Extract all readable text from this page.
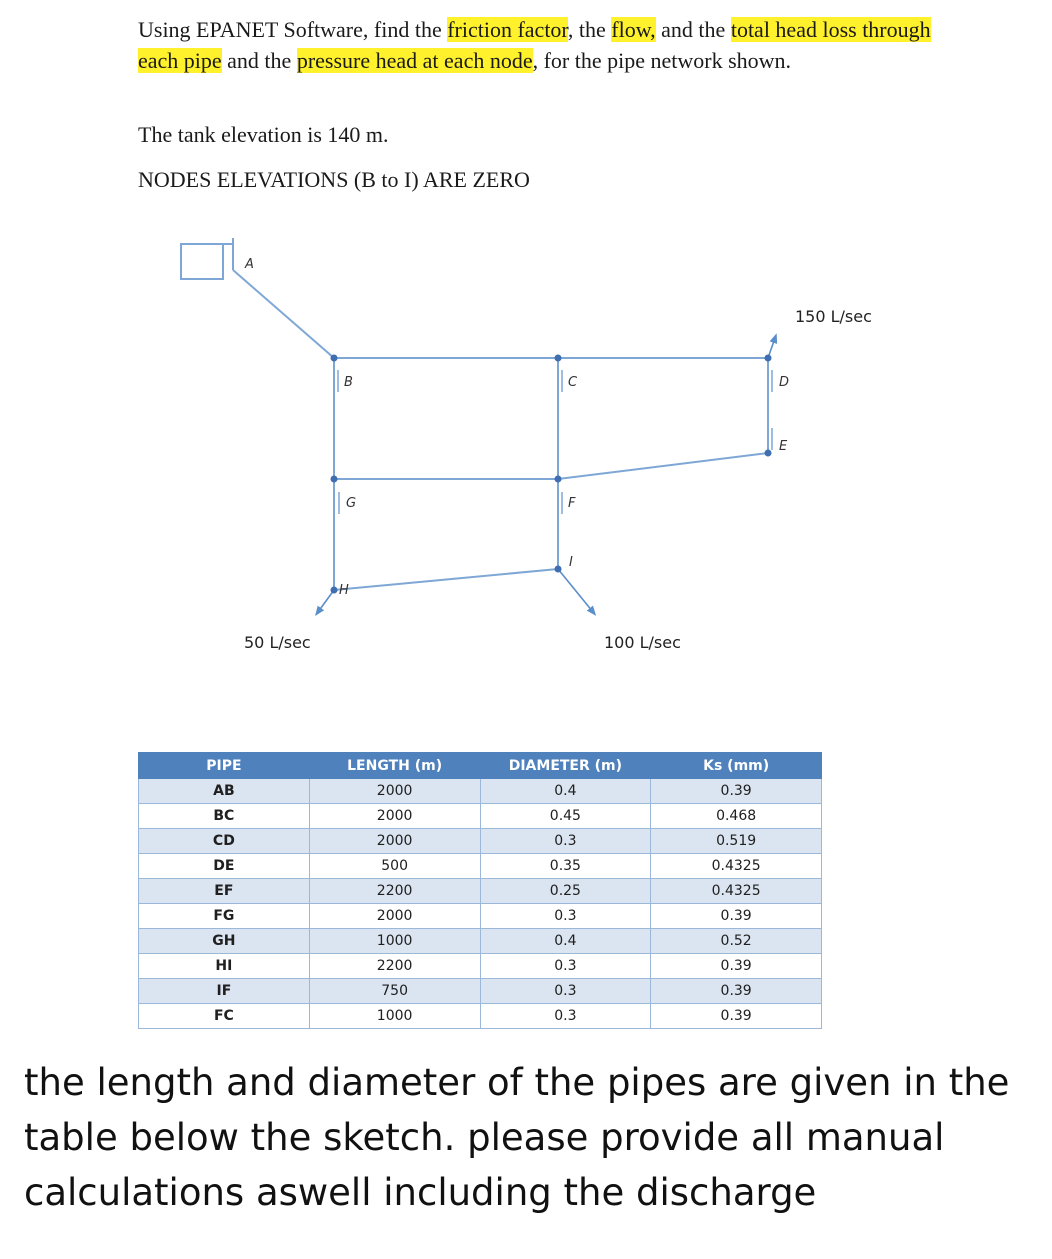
Using EPANET Software, find the friction factor, the flow, and the total head loss through each pipe and the pressure head at each node, for the pipe network shown.

The tank elevation is 140 m.
NODES ELEVATIONS (B to I) ARE ZERO
A
B	C	D
E
F
G
H
I
150 L/sec
50 L/sec	100 L/sec
PIPE	LENGTH (m)	DIAMETER (m)	Ks (mm)
AB	2000	0.4	0.39
BC	2000	0.45	0.468
CD	2000	0.3	0.519
DE	500	0.35	0.4325
EF	2200	0.25	0.4325
FG	2000	0.3	0.39
GH	1000	0.4	0.52
HI	2200	0.3	0.39
IF	750	0.3	0.39
FC	1000	0.3	0.39
the length and diameter of the pipes are given in the table below the sketch. please provide all manual calculations aswell including the discharge
